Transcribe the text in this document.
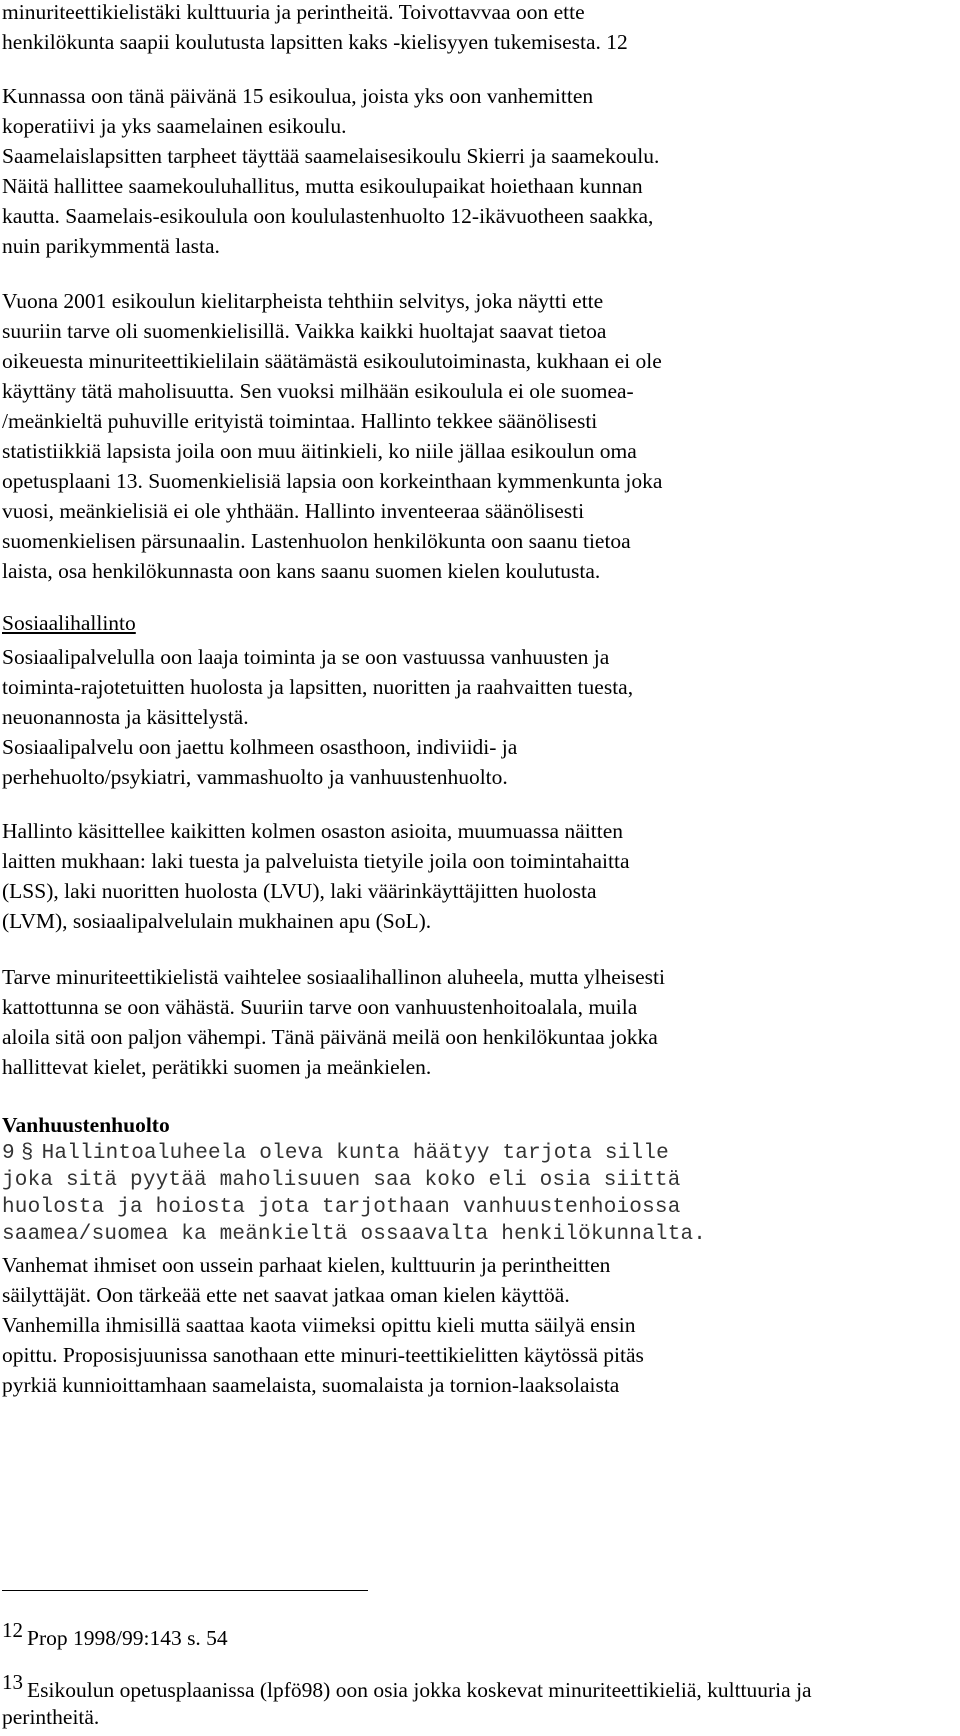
minuriteettikielistäki kulttuuria ja perintheitä. Toivottavvaa oon ette
henkilökunta saapii koulutusta lapsitten kaks -kielisyyen tukemisesta. 12
Kunnassa oon tänä päivänä 15 esikoulua, joista yks oon vanhemitten
koperatiivi ja yks saamelainen esikoulu.
Saamelaislapsitten tarpheet täyttää saamelaisesikoulu Skierri ja saamekoulu.
Näitä hallittee saamekouluhallitus, mutta esikoulupaikat hoiethaan kunnan
kautta. Saamelais-esikoulula oon koululastenhuolto 12-ikävuotheen saakka,
nuin parikymmentä lasta.
Vuona 2001 esikoulun kielitarpheista tehthiin selvitys, joka näytti ette
suuriin tarve oli suomenkielisillä. Vaikka kaikki huoltajat saavat tietoa
oikeuesta minuriteettikielilain säätämästä esikoulutoiminasta, kukhaan ei ole
käyttäny tätä maholisuutta. Sen vuoksi milhään esikoulula ei ole suomea-
/meänkieltä puhuville erityistä toimintaa. Hallinto tekkee säänölisesti
statistiikkiä lapsista joila oon muu äitinkieli, ko niile jällaa esikoulun oma
opetusplaani 13. Suomenkielisiä lapsia oon korkeinthaan kymmenkunta joka
vuosi, meänkielisiä ei ole yhthään. Hallinto inventeeraa säänölisesti
suomenkielisen pärsunaalin. Lastenhuolon henkilökunta oon saanu tietoa
laista, osa henkilökunnasta oon kans saanu suomen kielen koulutusta.
Sosiaalihallinto
Sosiaalipalvelulla oon laaja toiminta ja se oon vastuussa vanhuusten ja
toiminta-rajotetuitten huolosta ja lapsitten, nuoritten ja raahvaitten tuesta,
neuonannosta ja käsittelystä.
Sosiaalipalvelu oon jaettu kolhmeen osasthoon, indiviidi- ja
perhehuolto/psykiatri, vammashuolto ja vanhuustenhuolto.
Hallinto käsittellee kaikitten kolmen osaston asioita, muumuassa näitten
laitten mukhaan: laki tuesta ja palveluista tietyile joila oon toimintahaitta
(LSS), laki nuoritten huolosta (LVU), laki väärinkäyttäjitten huolosta
(LVM), sosiaalipalvelulain mukhainen apu (SoL).
Tarve minuriteettikielistä vaihtelee sosiaalihallinon aluheela, mutta ylheisesti
kattottunna se oon vähästä. Suuriin tarve oon vanhuustenhoitoalala, muila
aloila sitä oon paljon vähempi. Tänä päivänä meilä oon henkilökuntaa jokka
hallittevat kielet, perätikki suomen ja meänkielen.
Vanhuustenhuolto
9 § Hallintoaluheela oleva kunta häätyy tarjota sille
joka sitä pyytää maholisuuen saa koko eli osia siittä
huolosta ja hoiosta jota tarjothaan vanhuustenhoiossa
saamea/suomea ka meänkieltä ossaavalta henkilökunnalta.
Vanhemat ihmiset oon ussein parhaat kielen, kulttuurin ja perintheitten
säilyttäjät. Oon tärkeää ette net saavat jatkaa oman kielen käyttöä.
Vanhemilla ihmisillä saattaa kaota viimeksi opittu kieli mutta säilyä ensin
opittu. Proposisjuunissa sanothaan ette minuri-teettikielitten käytössä pitäs
pyrkiä kunnioittamhaan saamelaista, suomalaista ja tornion-laaksolaista
12 Prop 1998/99:143 s. 54
13 Esikoulun opetusplaanissa (lpfö98) oon osia jokka koskevat minuriteettikieliä, kulttuuria ja
perintheitä.
